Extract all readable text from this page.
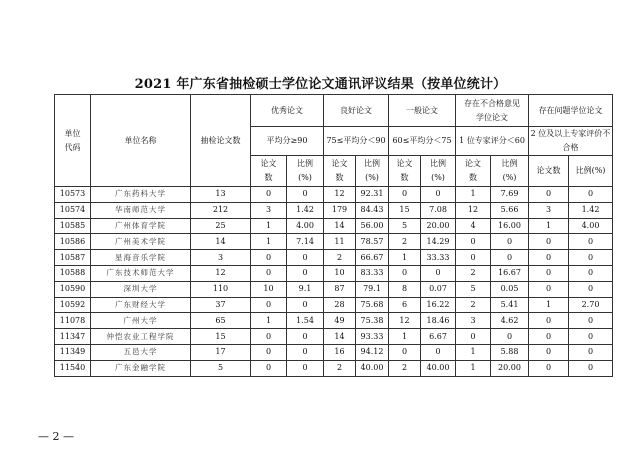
2021 年广东省抽检硕士学位论文通讯评议结果（按单位统计）
单位代码	单位名称	抽检论文数	优秀论文		良好论文		一般论文		存在不合格意见学位论文		存在问题学位论文	
			平均分≥90		75≤平均分＜90		60≤平均分＜75		1 位专家评分＜60		2 位及以上专家评价不合格	
			论文数	比例(%)	论文数	比例(%)	论文数	比例(%)	论文数	比例(%)	论文数	比例(%)
10573	广东药科大学	13	0	0	12	92.31	0	0	1	7.69	0	0
10574	华南师范大学	212	3	1.42	179	84.43	15	7.08	12	5.66	3	1.42
10585	广州体育学院	25	1	4.00	14	56.00	5	20.00	4	16.00	1	4.00
10586	广州美术学院	14	1	7.14	11	78.57	2	14.29	0	0	0	0
10587	星海音乐学院	3	0	0	2	66.67	1	33.33	0	0	0	0
10588	广东技术师范大学	12	0	0	10	83.33	0	0	2	16.67	0	0
10590	深圳大学	110	10	9.1	87	79.1	8	0.07	5	0.05	0	0
10592	广东财经大学	37	0	0	28	75.68	6	16.22	2	5.41	1	2.70
11078	广州大学	65	1	1.54	49	75.38	12	18.46	3	4.62	0	0
11347	仲恺农业工程学院	15	0	0	14	93.33	1	6.67	0	0	0	0
11349	五邑大学	17	0	0	16	94.12	0	0	1	5.88	0	0
11540	广东金融学院	5	0	0	2	40.00	2	40.00	1	20.00	0	0
— 2 —
